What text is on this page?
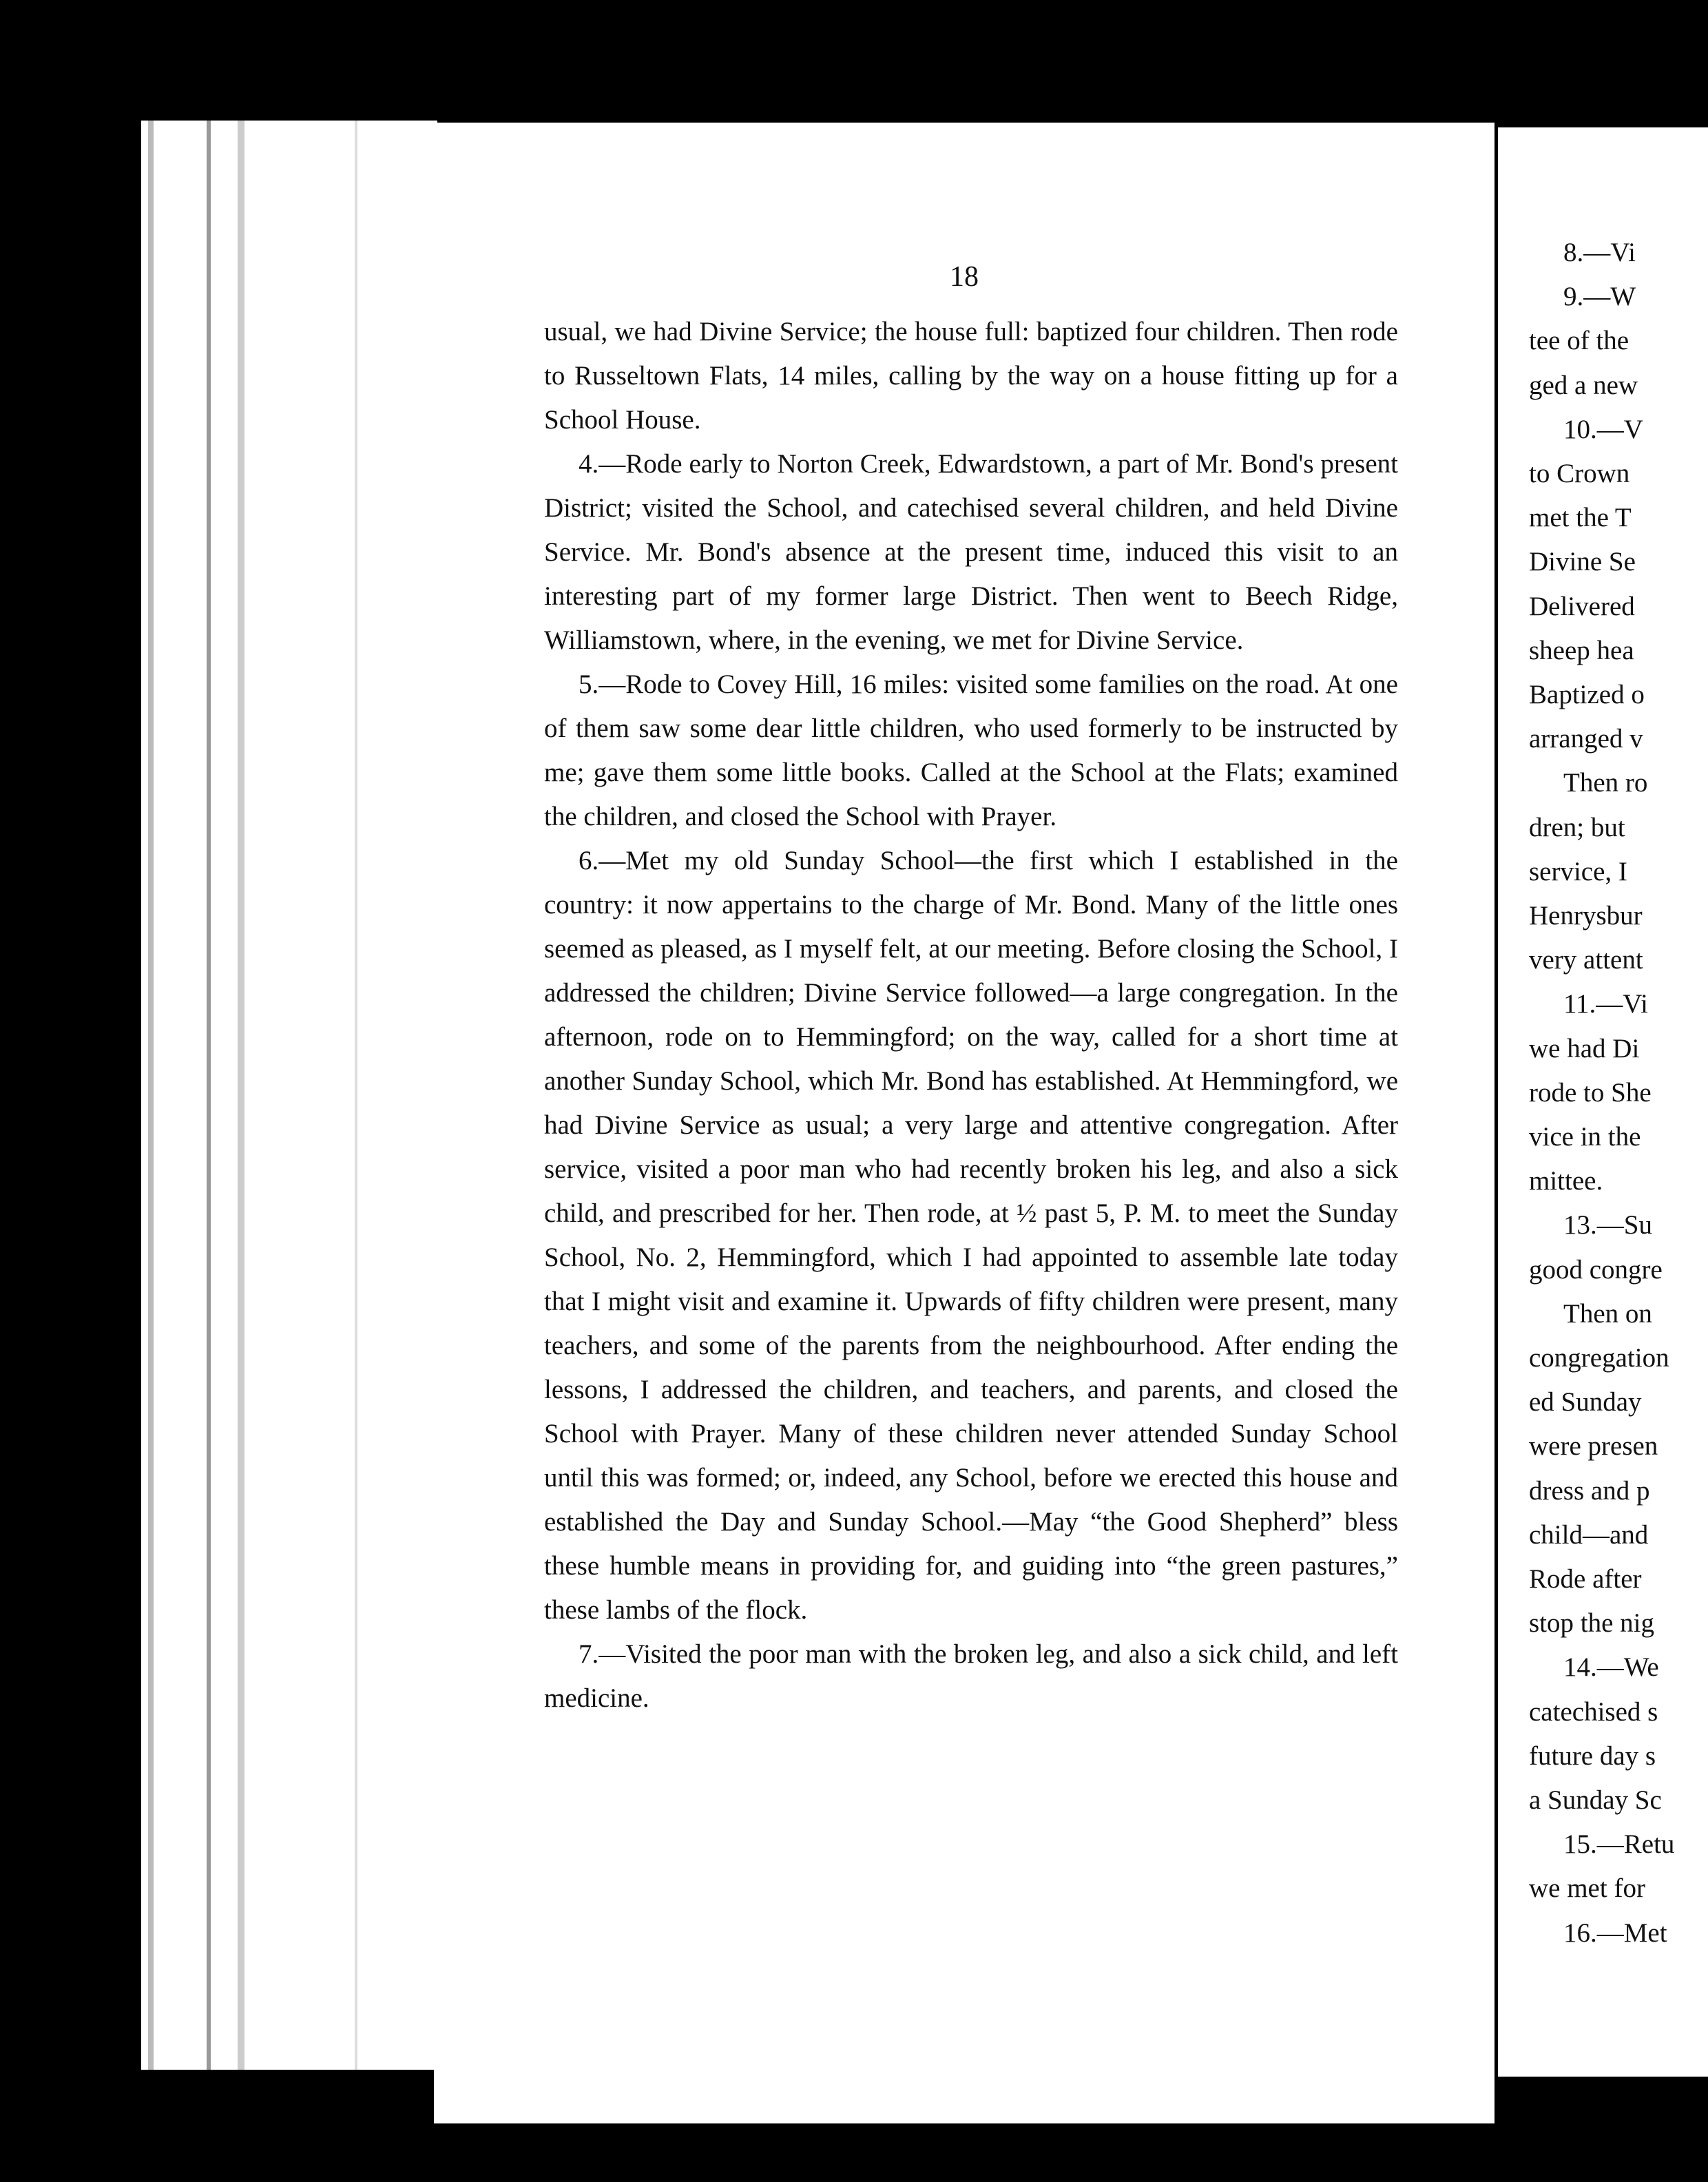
18

usual, we had Divine Service; the house full: baptized four children. Then rode to Russeltown Flats, 14 miles, calling by the way on a house fitting up for a School House.

4.—Rode early to Norton Creek, Edwardstown, a part of Mr. Bond's present District; visited the School, and catechised several children, and held Divine Service. Mr. Bond's absence at the present time, induced this visit to an interesting part of my former large District. Then went to Beech Ridge, Williamstown, where, in the evening, we met for Divine Service.

5.—Rode to Covey Hill, 16 miles: visited some families on the road. At one of them saw some dear little children, who used formerly to be instructed by me; gave them some little books. Called at the School at the Flats; examined the children, and closed the School with Prayer.

6.—Met my old Sunday School—the first which I established in the country: it now appertains to the charge of Mr. Bond. Many of the little ones seemed as pleased, as I myself felt, at our meeting. Before closing the School, I addressed the children; Divine Service followed—a large congregation. In the afternoon, rode on to Hemmingford; on the way, called for a short time at another Sunday School, which Mr. Bond has established. At Hemmingford, we had Divine Service as usual; a very large and attentive congregation. After service, visited a poor man who had recently broken his leg, and also a sick child, and prescribed for her. Then rode, at ½ past 5, P. M. to meet the Sunday School, No. 2, Hemmingford, which I had appointed to assemble late today that I might visit and examine it. Upwards of fifty children were present, many teachers, and some of the parents from the neighbourhood. After ending the lessons, I addressed the children, and teachers, and parents, and closed the School with Prayer. Many of these children never attended Sunday School until this was formed; or, indeed, any School, before we erected this house and established the Day and Sunday School.—May “the Good Shepherd” bless these humble means in providing for, and guiding into “the green pastures,” these lambs of the flock.

7.—Visited the poor man with the broken leg, and also a sick child, and left medicine.

8.—Vi
9.—W
tee of the
ged a new
10.—V
to Crown
met the T
Divine Se
Delivered
sheep hea
Baptized o
arranged v
Then ro
dren; but
service, I
Henrysbur
very attent
11.—Vi
we had Di
rode to She
vice in the
mittee.
13.—Su
good congre
Then on
congregation
ed Sunday
were presen
dress and p
child—and
Rode after
stop the nig
14.—We
catechised s
future day s
a Sunday Sc
15.—Retu
we met for
16.—Met
